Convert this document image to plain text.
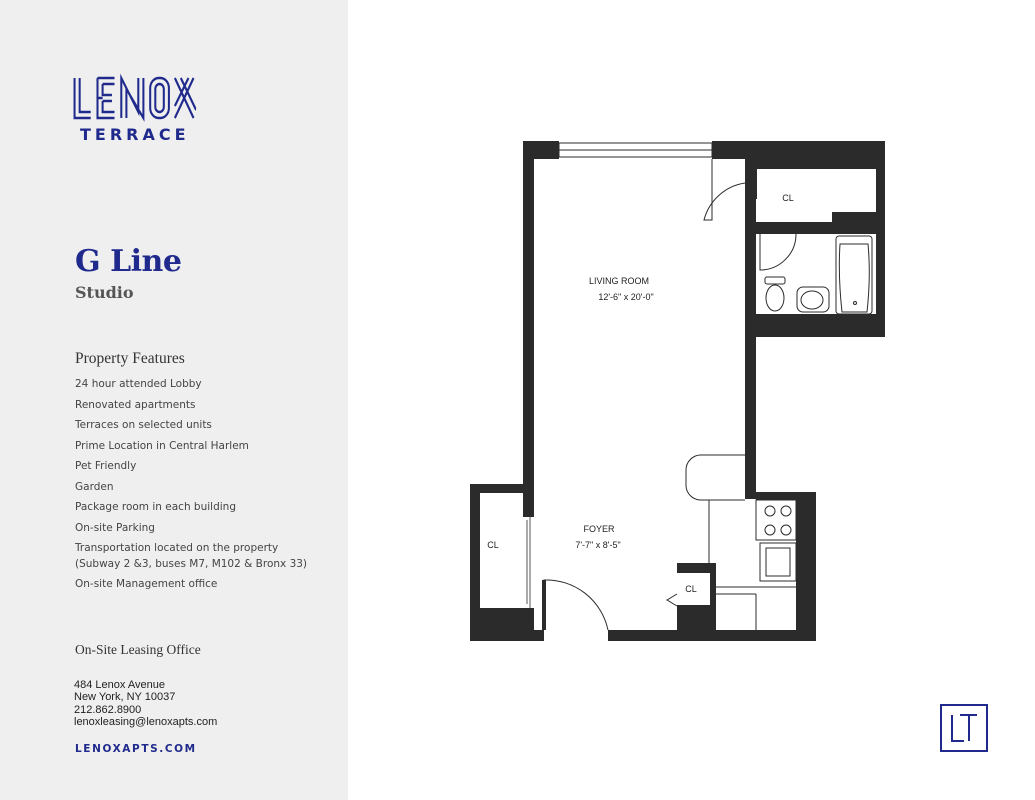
TERRACE
G Line
Studio
Property Features
24 hour attended Lobby
Renovated apartments
Terraces on selected units
Prime Location in Central Harlem
Pet Friendly
Garden
Package room in each building
On-site Parking
Transportation located on the property
(Subway 2 &3, buses M7, M102 & Bronx 33)
On-site Management office
On-Site Leasing Office
484 Lenox Avenue
New York, NY 10037
212.862.8900
lenoxleasing@lenoxapts.com
LENOXAPTS.COM
LIVING ROOM
12'-6" x 20'-0"
FOYER
7'-7" x 8'-5"
CL
CL
CL
